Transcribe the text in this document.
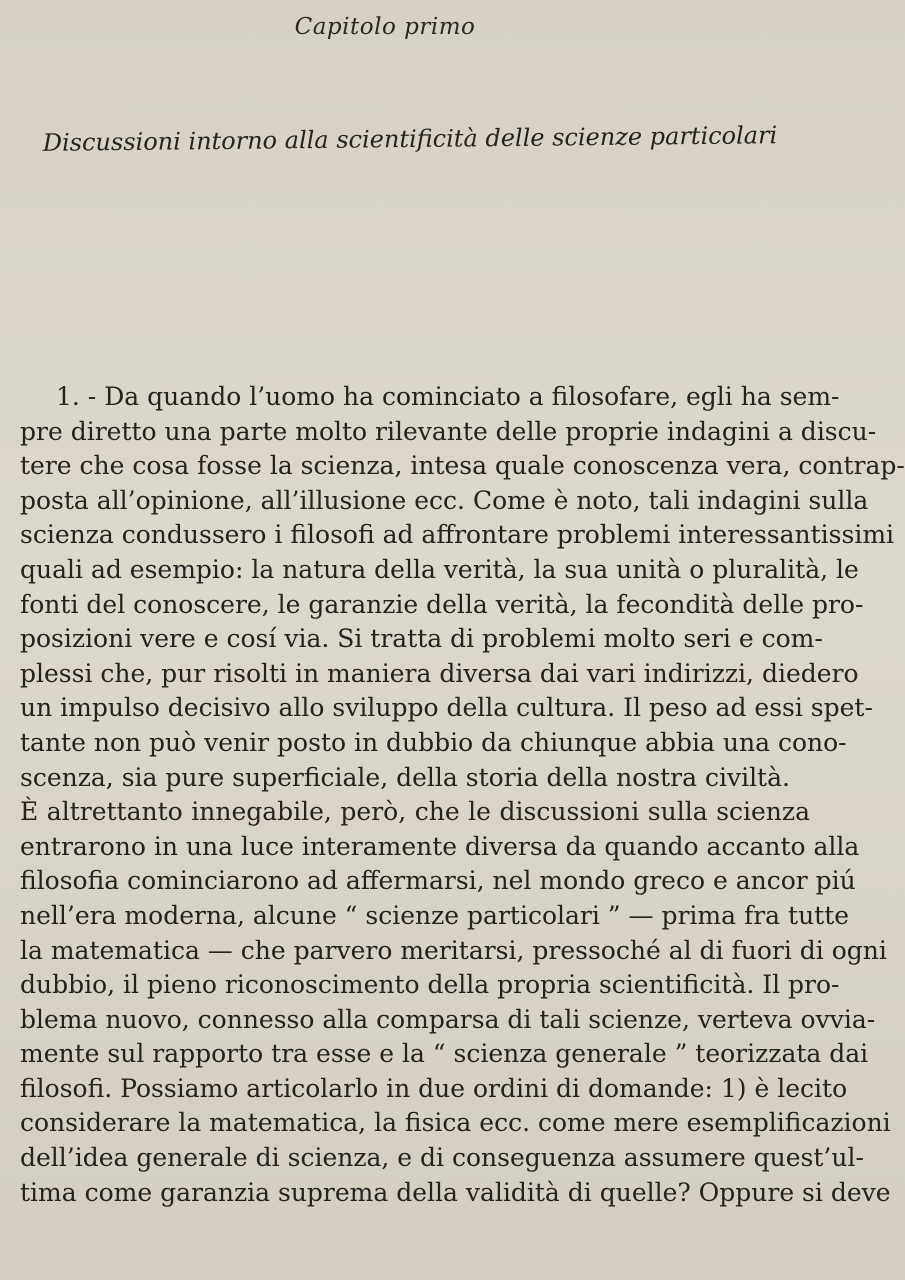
Capitolo primo
Discussioni intorno alla scientificità delle scienze particolari
1. - Da quando l’uomo ha cominciato a filosofare, egli ha sem-
pre diretto una parte molto rilevante delle proprie indagini a discu-
tere che cosa fosse la scienza, intesa quale conoscenza vera, contrap-
posta all’opinione, all’illusione ecc. Come è noto, tali indagini sulla
scienza condussero i filosofi ad affrontare problemi interessantissimi
quali ad esempio: la natura della verità, la sua unità o pluralità, le
fonti del conoscere, le garanzie della verità, la fecondità delle pro-
posizioni vere e cosí via. Si tratta di problemi molto seri e com-
plessi che, pur risolti in maniera diversa dai vari indirizzi, diedero
un impulso decisivo allo sviluppo della cultura. Il peso ad essi spet-
tante non può venir posto in dubbio da chiunque abbia una cono-
scenza, sia pure superficiale, della storia della nostra civiltà.
È altrettanto innegabile, però, che le discussioni sulla scienza
entrarono in una luce interamente diversa da quando accanto alla
filosofia cominciarono ad affermarsi, nel mondo greco e ancor piú
nell’era moderna, alcune “ scienze particolari ” — prima fra tutte
la matematica — che parvero meritarsi, pressoché al di fuori di ogni
dubbio, il pieno riconoscimento della propria scientificità. Il pro-
blema nuovo, connesso alla comparsa di tali scienze, verteva ovvia-
mente sul rapporto tra esse e la “ scienza generale ” teorizzata dai
filosofi. Possiamo articolarlo in due ordini di domande: 1) è lecito
considerare la matematica, la fisica ecc. come mere esemplificazioni
dell’idea generale di scienza, e di conseguenza assumere quest’ul-
tima come garanzia suprema della validità di quelle? Oppure si deve
